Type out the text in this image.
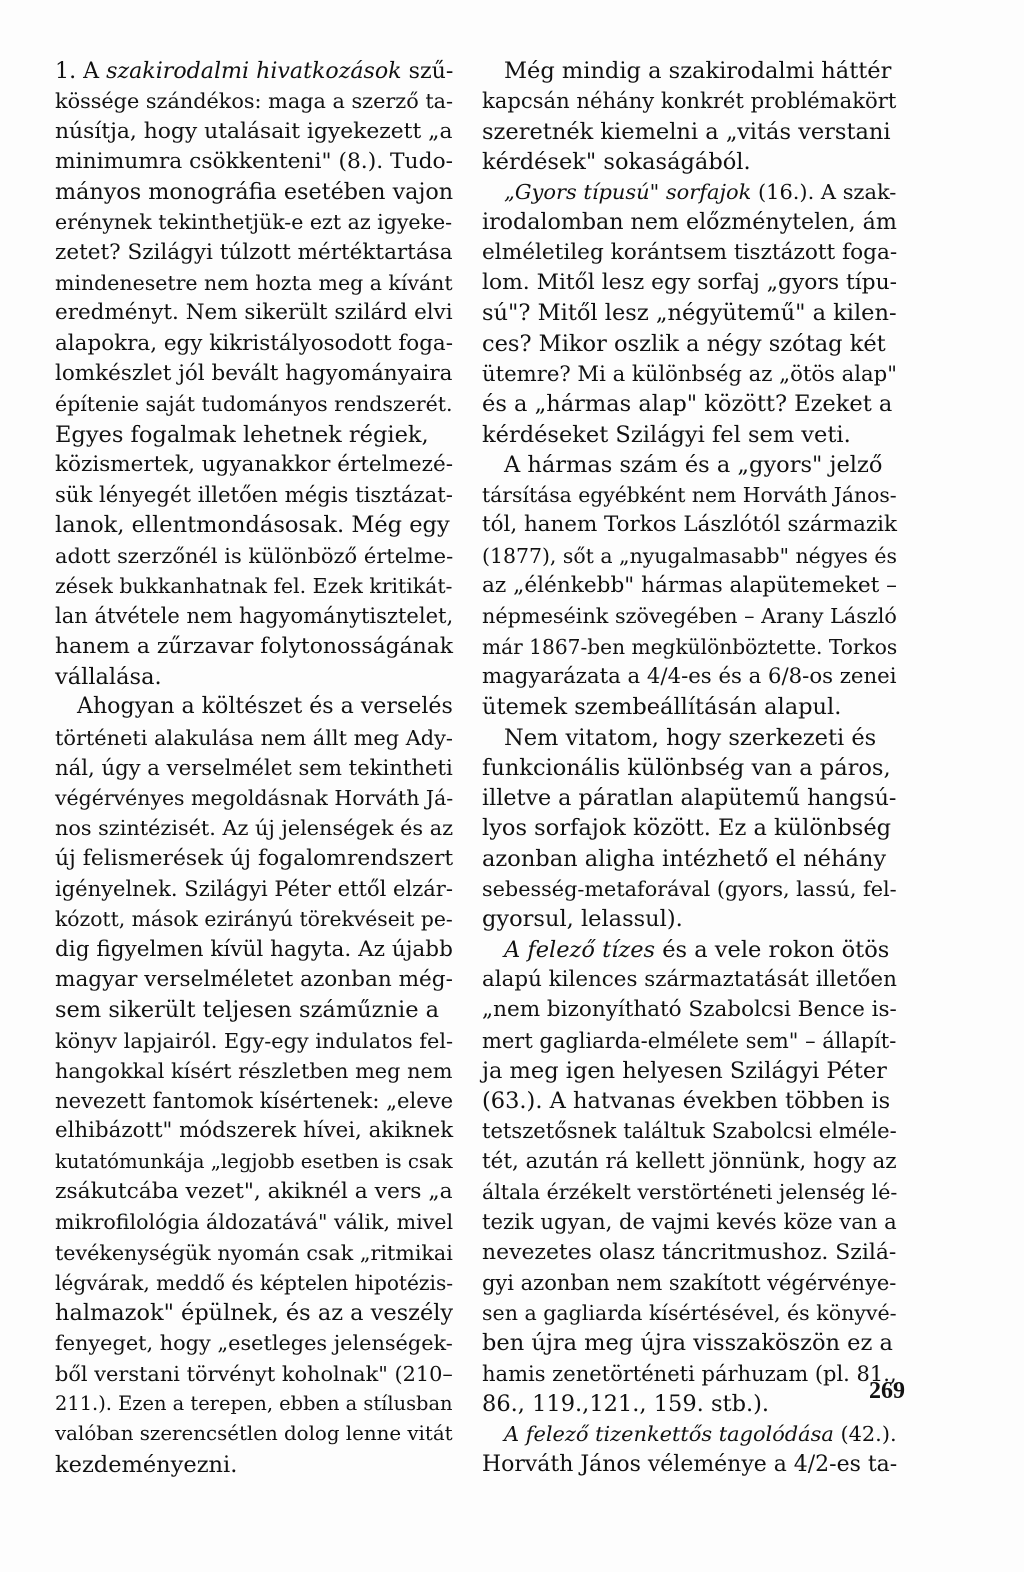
1. A szakirodalmi hivatkozások szű-
kössége szándékos: maga a szerző ta-
núsítja, hogy utalásait igyekezett „a
minimumra csökkenteni" (8.). Tudo-
mányos monográfia esetében vajon
erénynek tekinthetjük-e ezt az igyeke-
zetet? Szilágyi túlzott mértéktartása
mindenesetre nem hozta meg a kívánt
eredményt. Nem sikerült szilárd elvi
alapokra, egy kikristályosodott foga-
lomkészlet jól bevált hagyományaira
építenie saját tudományos rendszerét.
Egyes fogalmak lehetnek régiek,
közismertek, ugyanakkor értelmezé-
sük lényegét illetően mégis tisztázat-
lanok, ellentmondásosak. Még egy
adott szerzőnél is különböző értelme-
zések bukkanhatnak fel. Ezek kritikát-
lan átvétele nem hagyománytisztelet,
hanem a zűrzavar folytonosságának
vállalása.
Ahogyan a költészet és a verselés
történeti alakulása nem állt meg Ady-
nál, úgy a verselmélet sem tekintheti
végérvényes megoldásnak Horváth Já-
nos szintézisét. Az új jelenségek és az
új felismerések új fogalomrendszert
igényelnek. Szilágyi Péter ettől elzár-
kózott, mások ezirányú törekvéseit pe-
dig figyelmen kívül hagyta. Az újabb
magyar verselméletet azonban még-
sem sikerült teljesen száműznie a
könyv lapjairól. Egy-egy indulatos fel-
hangokkal kísért részletben meg nem
nevezett fantomok kísértenek: „eleve
elhibázott" módszerek hívei, akiknek
kutatómunkája „legjobb esetben is csak
zsákutcába vezet", akiknél a vers „a
mikrofilológia áldozatává" válik, mivel
tevékenységük nyomán csak „ritmikai
légvárak, meddő és képtelen hipotézis-
halmazok" épülnek, és az a veszély
fenyeget, hogy „esetleges jelenségek-
ből verstani törvényt koholnak" (210–
211.). Ezen a terepen, ebben a stílusban
valóban szerencsétlen dolog lenne vitát
kezdeményezni.
Még mindig a szakirodalmi háttér
kapcsán néhány konkrét problémakört
szeretnék kiemelni a „vitás verstani
kérdések" sokaságából.
„Gyors típusú" sorfajok (16.). A szak-
irodalomban nem előzménytelen, ám
elméletileg korántsem tisztázott foga-
lom. Mitől lesz egy sorfaj „gyors típu-
sú"? Mitől lesz „négyütemű" a kilen-
ces? Mikor oszlik a négy szótag két
ütemre? Mi a különbség az „ötös alap"
és a „hármas alap" között? Ezeket a
kérdéseket Szilágyi fel sem veti.
A hármas szám és a „gyors" jelző
társítása egyébként nem Horváth János-
tól, hanem Torkos Lászlótól származik
(1877), sőt a „nyugalmasabb" négyes és
az „élénkebb" hármas alapütemeket –
népmeséink szövegében – Arany László
már 1867-ben megkülönböztette. Torkos
magyarázata a 4/4-es és a 6/8-os zenei
ütemek szembeállításán alapul.
Nem vitatom, hogy szerkezeti és
funkcionális különbség van a páros,
illetve a páratlan alapütemű hangsú-
lyos sorfajok között. Ez a különbség
azonban aligha intézhető el néhány
sebesség-metaforával (gyors, lassú, fel-
gyorsul, lelassul).
A felező tízes és a vele rokon ötös
alapú kilences származtatását illetően
„nem bizonyítható Szabolcsi Bence is-
mert gagliarda-elmélete sem" – állapít-
ja meg igen helyesen Szilágyi Péter
(63.). A hatvanas években többen is
tetszetősnek találtuk Szabolcsi elméle-
tét, azután rá kellett jönnünk, hogy az
általa érzékelt verstörténeti jelenség lé-
tezik ugyan, de vajmi kevés köze van a
nevezetes olasz táncritmushoz. Szilá-
gyi azonban nem szakított végérvénye-
sen a gagliarda kísértésével, és könyvé-
ben újra meg újra visszaköszön ez a
hamis zenetörténeti párhuzam (pl. 81.,
86., 119.,121., 159. stb.).
A felező tizenkettős tagolódása (42.).
Horváth János véleménye a 4/2-es ta-
269
